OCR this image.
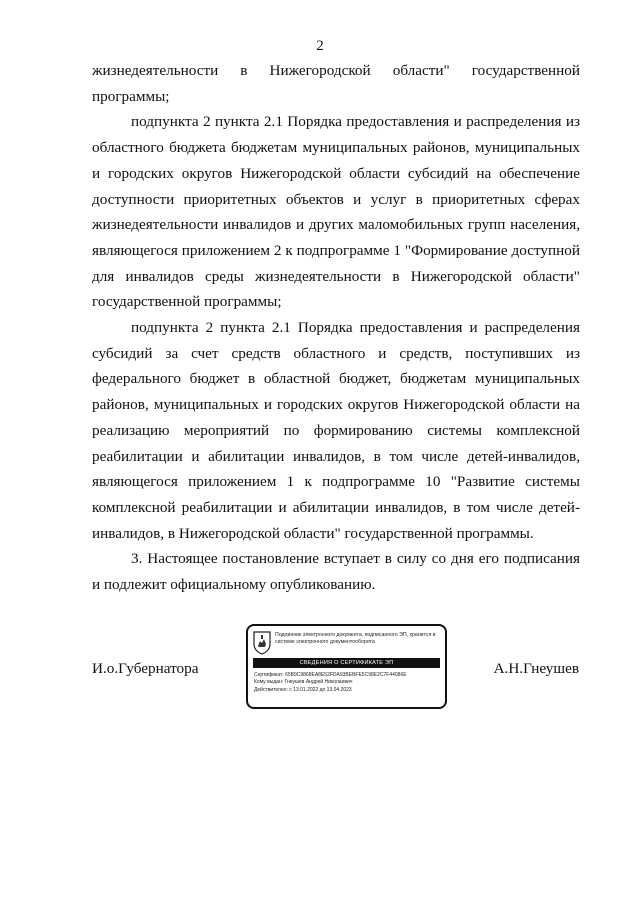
2

жизнедеятельности в Нижегородской области" государственной программы;

подпункта 2 пункта 2.1 Порядка предоставления и распределения из областного бюджета бюджетам муниципальных районов, муниципальных и городских округов Нижегородской области субсидий на обеспечение доступности приоритетных объектов и услуг в приоритетных сферах жизнедеятельности инвалидов и других маломобильных групп населения, являющегося приложением 2 к подпрограмме 1 "Формирование доступной для инвалидов среды жизнедеятельности в Нижегородской области" государственной программы;

подпункта 2 пункта 2.1 Порядка предоставления и распределения субсидий за счет средств областного и средств, поступивших из федерального бюджет в областной бюджет, бюджетам муниципальных районов, муниципальных и городских округов Нижегородской области на реализацию мероприятий по формированию системы комплексной реабилитации и абилитации инвалидов, в том числе детей-инвалидов, являющегося приложением 1 к подпрограмме 10 "Развитие системы комплексной реабилитации и абилитации инвалидов, в том числе детей-инвалидов, в Нижегородской области" государственной программы.

3. Настоящее постановление вступает в силу со дня его подписания и подлежит официальному опубликованию.

И.о.Губернатора
Подлинник электронного документа, подписанного ЭП, хранится в системе электронного документооборота
СВЕДЕНИЯ О СЕРТИФИКАТЕ ЭП
Сертификат: 65B9C9868EA8E52FDA93BEBFE5C98E2C7F44086E
Кому выдан: Гнеушев Андрей Николаевич
Действителен: с 13.01.2022 до 13.04.2023
А.Н.Гнеушев
